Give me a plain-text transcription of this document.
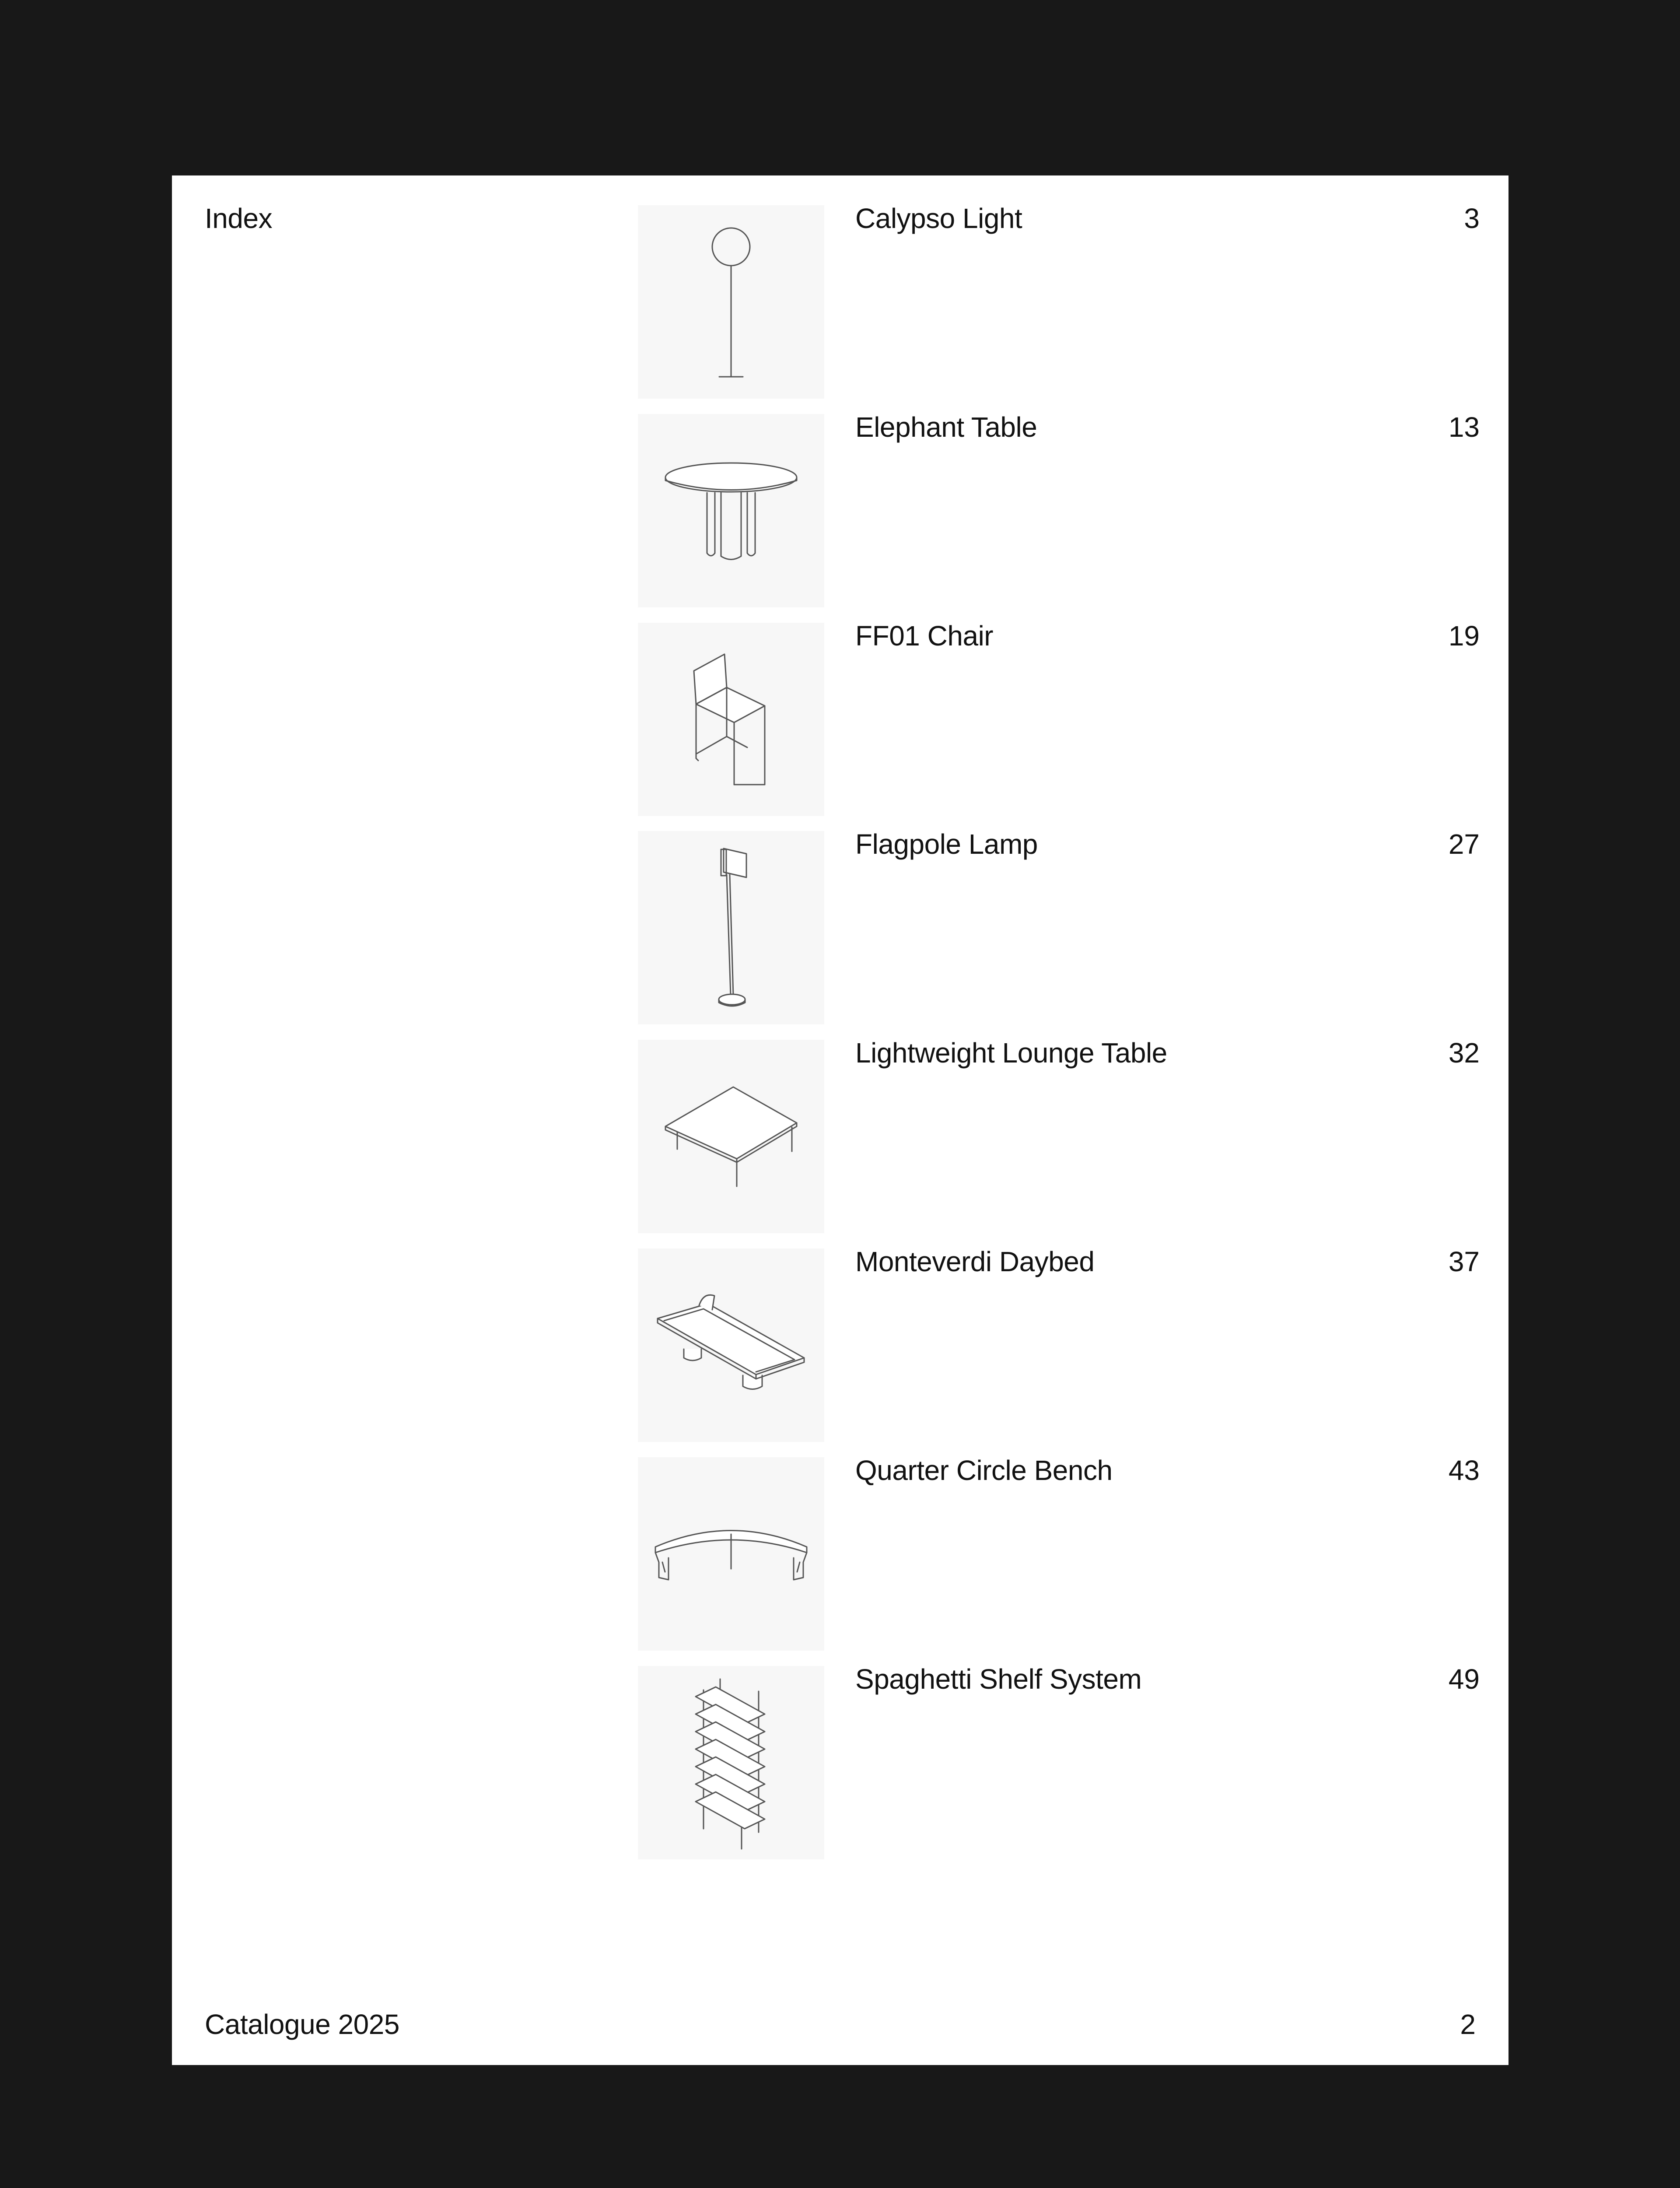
Index	Calypso Light	3
Elephant Table	13
FF01 Chair	19
Flagpole Lamp	27
Lightweight Lounge Table	32
Monteverdi Daybed	37
Quarter Circle Bench	43
Spaghetti Shelf System	49
Catalogue 2025	2
